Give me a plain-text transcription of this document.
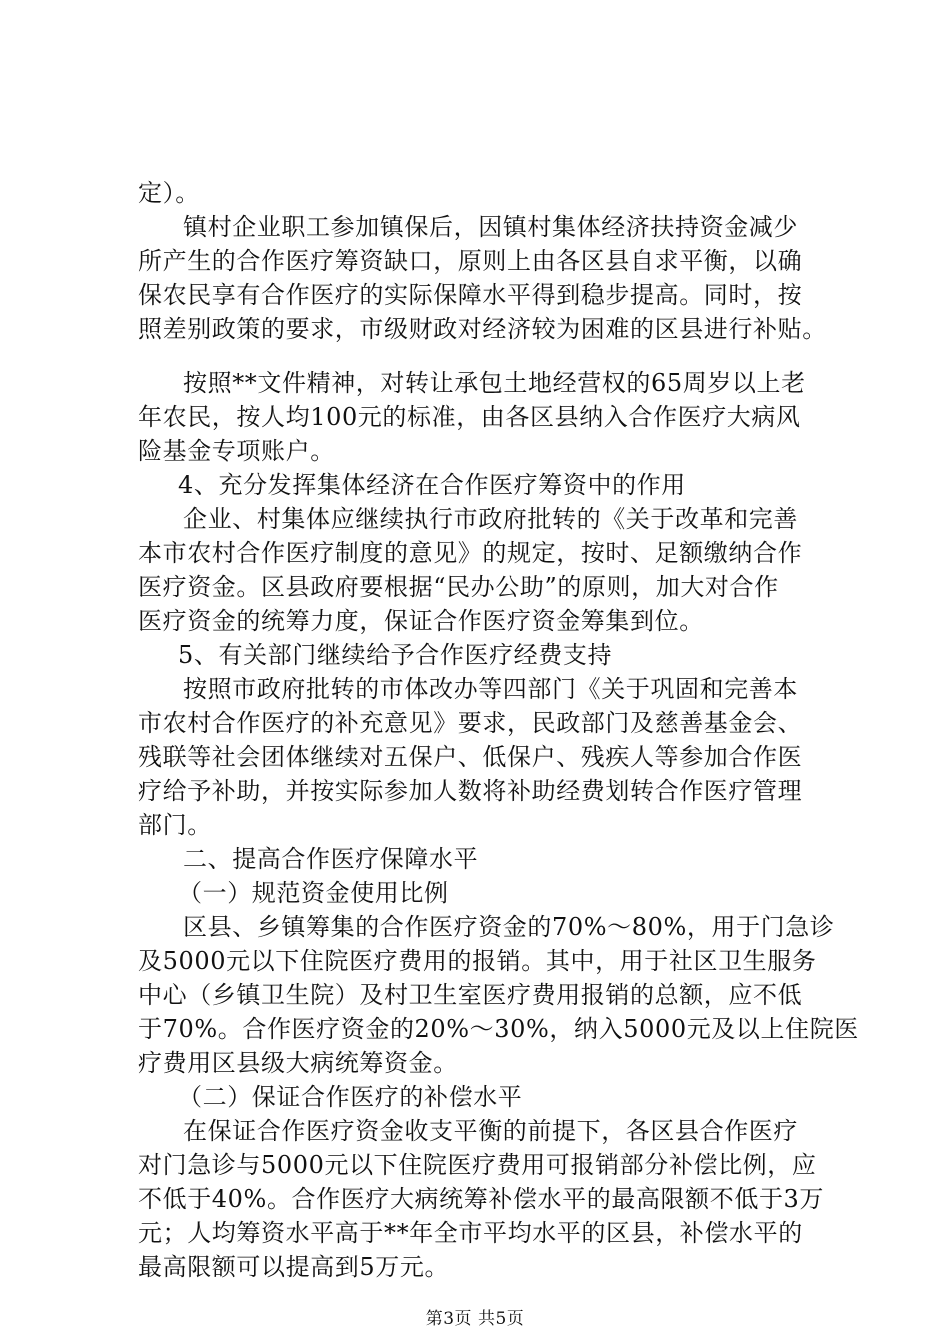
定）。
镇村企业职工参加镇保后，因镇村集体经济扶持资金减少
所产生的合作医疗筹资缺口，原则上由各区县自求平衡，以确
保农民享有合作医疗的实际保障水平得到稳步提高。同时，按
照差别政策的要求，市级财政对经济较为困难的区县进行补贴。
按照**文件精神，对转让承包土地经营权的65周岁以上老
年农民，按人均100元的标准，由各区县纳入合作医疗大病风
险基金专项账户。
4、充分发挥集体经济在合作医疗筹资中的作用
企业、村集体应继续执行市政府批转的《关于改革和完善
本市农村合作医疗制度的意见》的规定，按时、足额缴纳合作
医疗资金。区县政府要根据“民办公助”的原则，加大对合作
医疗资金的统筹力度，保证合作医疗资金筹集到位。
5、有关部门继续给予合作医疗经费支持
按照市政府批转的市体改办等四部门《关于巩固和完善本
市农村合作医疗的补充意见》要求，民政部门及慈善基金会、
残联等社会团体继续对五保户、低保户、残疾人等参加合作医
疗给予补助，并按实际参加人数将补助经费划转合作医疗管理
部门。
二、提高合作医疗保障水平
（一）规范资金使用比例
区县、乡镇筹集的合作医疗资金的70%～80%，用于门急诊
及5000元以下住院医疗费用的报销。其中，用于社区卫生服务
中心（乡镇卫生院）及村卫生室医疗费用报销的总额，应不低
于70%。合作医疗资金的20%～30%，纳入5000元及以上住院医
疗费用区县级大病统筹资金。
（二）保证合作医疗的补偿水平
在保证合作医疗资金收支平衡的前提下，各区县合作医疗
对门急诊与5000元以下住院医疗费用可报销部分补偿比例，应
不低于40%。合作医疗大病统筹补偿水平的最高限额不低于3万
元；人均筹资水平高于**年全市平均水平的区县，补偿水平的
最高限额可以提高到5万元。
第3页 共5页
